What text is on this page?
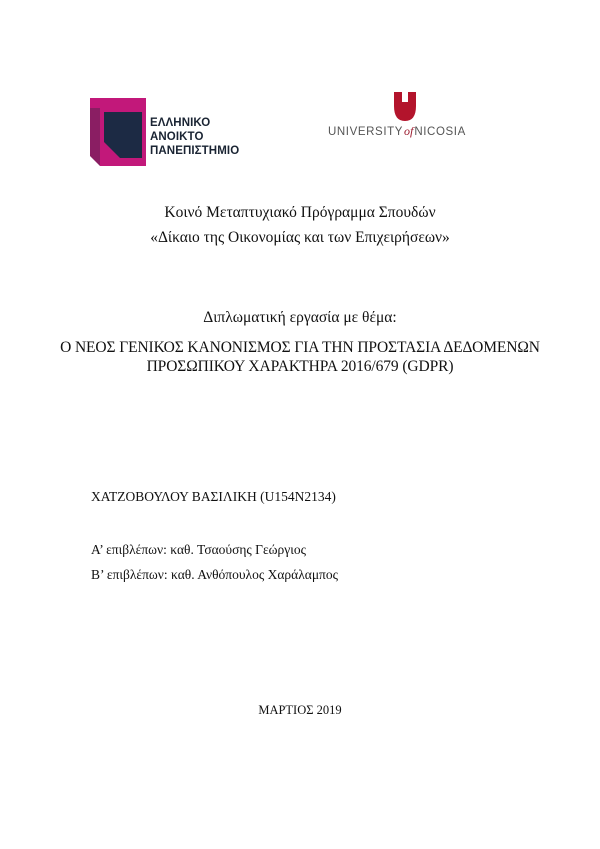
ΕΛΛΗΝΙΚΟ
ΑΝΟΙΚΤΟ
ΠΑΝΕΠΙΣΤΗΜΙΟ
UNIVERSITYofNICOSIA
Κοινό Μεταπτυχιακό Πρόγραμμα Σπουδών
«Δίκαιο της Οικονομίας και των Επιχειρήσεων»
Διπλωματική εργασία με θέμα:
Ο ΝΕΟΣ ΓΕΝΙΚΟΣ ΚΑΝΟΝΙΣΜΟΣ ΓΙΑ ΤΗΝ ΠΡΟΣΤΑΣΙΑ ΔΕΔΟΜΕΝΩΝ ΠΡΟΣΩΠΙΚΟΥ ΧΑΡΑΚΤΗΡΑ 2016/679 (GDPR)
ΧΑΤΖΟΒΟΥΛΟΥ ΒΑΣΙΛΙΚΗ (U154N2134)
Α’ επιβλέπων: καθ. Τσαούσης Γεώργιος
Β’ επιβλέπων: καθ. Ανθόπουλος Χαράλαμπος
ΜΑΡΤΙΟΣ 2019
